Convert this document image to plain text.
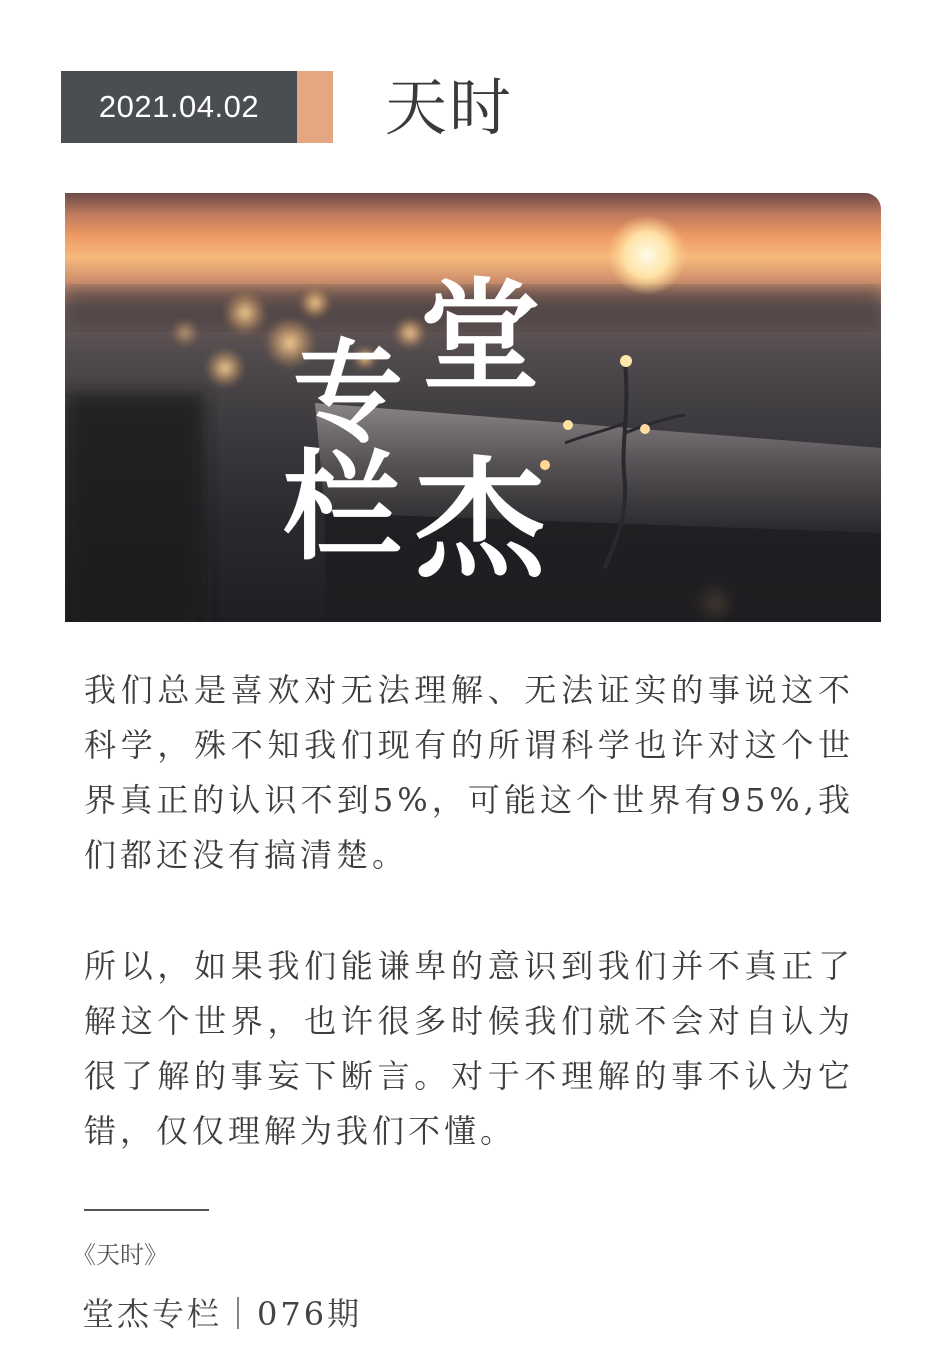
2021.04.02	天时
堂
专
栏 杰

我们总是喜欢对无法理解、无法证实的事说这不科学，殊不知我们现有的所谓科学也许对这个世界真正的认识不到5%，可能这个世界有95%,我们都还没有搞清楚。

所以，如果我们能谦卑的意识到我们并不真正了解这个世界，也许很多时候我们就不会对自认为很了解的事妄下断言。对于不理解的事不认为它错，仅仅理解为我们不懂。

《天时》
堂杰专栏｜076期
